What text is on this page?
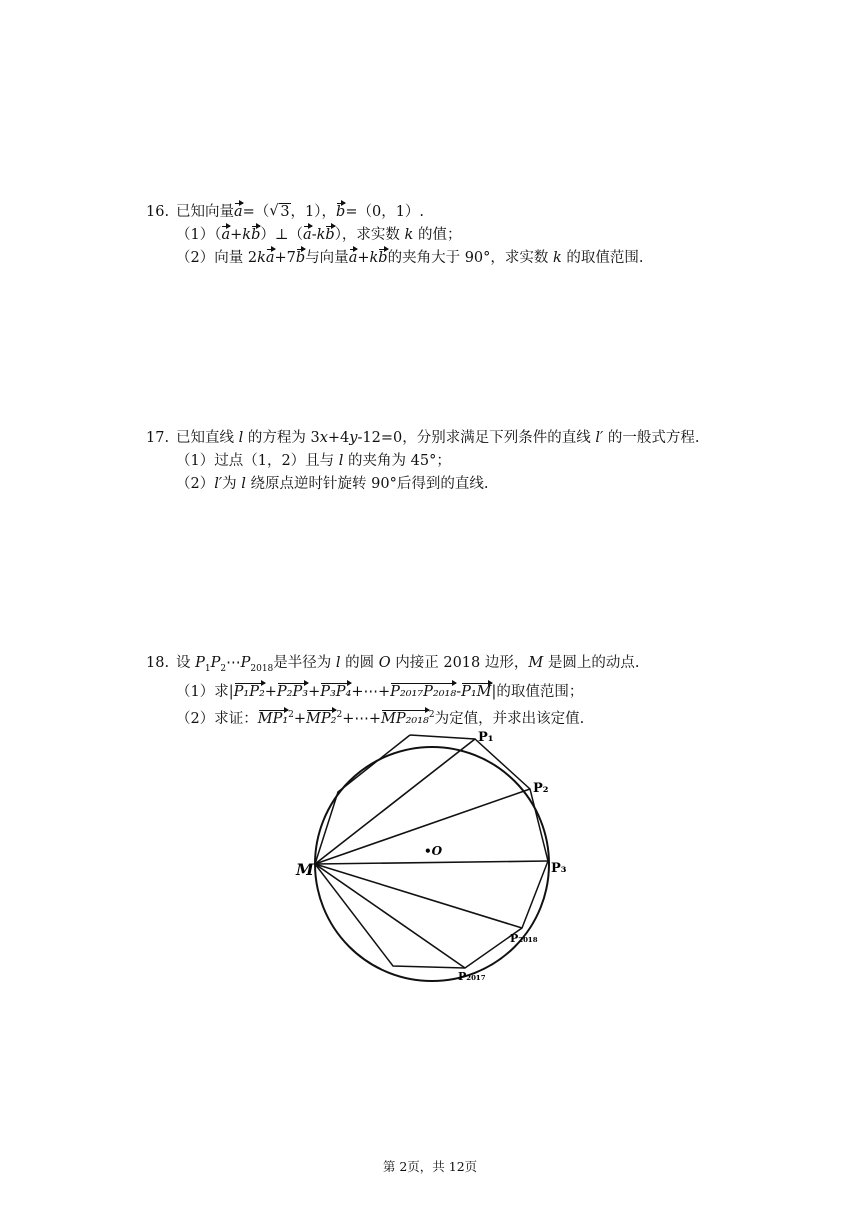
16. 已知向量a=（ √ 3，1），b=（0，1）.
（1）（a+kb）⊥（a-kb），求实数 k 的值；
（2）向量 2ka+7b与向量a+kb的夹角大于 90°，求实数 k 的取值范围.
17. 已知直线 l 的方程为 3x+4y-12=0，分别求满足下列条件的直线 l′ 的一般式方程.
（1）过点（1，2）且与 l 的夹角为 45°；
（2）l′为 l 绕原点逆时针旋转 90°后得到的直线.
18. 设 $P_1P_2\cdots P_{2018}$是半径为 l 的圆 O 内接正 2018 边形，M 是圆上的动点.
（1）求|P₁P₂+P₂P₃+P₃P₄+⋯+P₂₀₁₇P₂₀₁₈-P₁M|的取值范围；
（2）求证：MP₁$^2$+MP₂$^2$+⋯+MP₂₀₁₈$^2$为定值，并求出该定值.
M
•O
P₁
P₂
P₃
P₂₀₁₈
P₂₀₁₇
第 2页，共 12页
